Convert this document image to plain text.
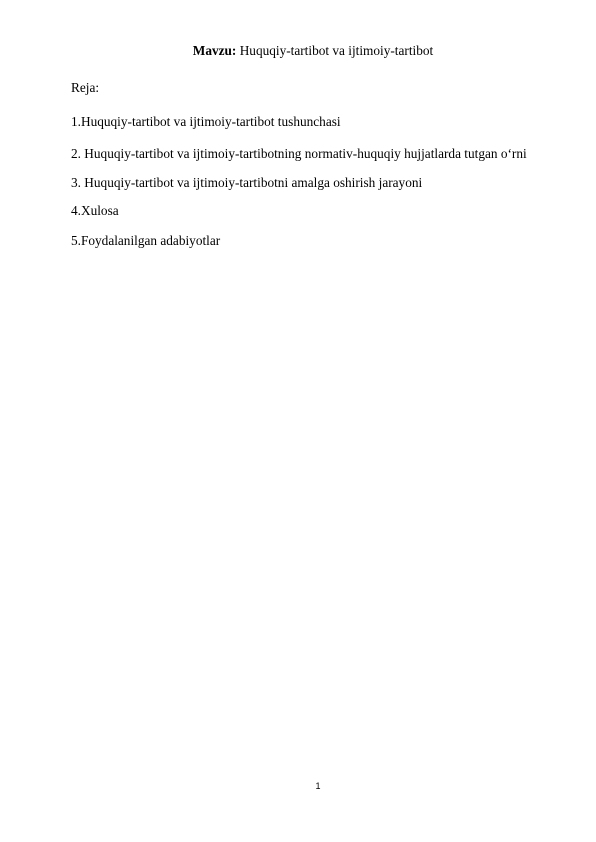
Mavzu: Huquqiy-tartibot va ijtimoiy-tartibot
Reja:
1.Huquqiy-tartibot va ijtimoiy-tartibot tushunchasi
2. Huquqiy-tartibot va ijtimoiy-tartibotning normativ-huquqiy hujjatlarda tutgan o‘rni
3. Huquqiy-tartibot va ijtimoiy-tartibotni amalga oshirish jarayoni
4.Xulosa
5.Foydalanilgan adabiyotlar
1
